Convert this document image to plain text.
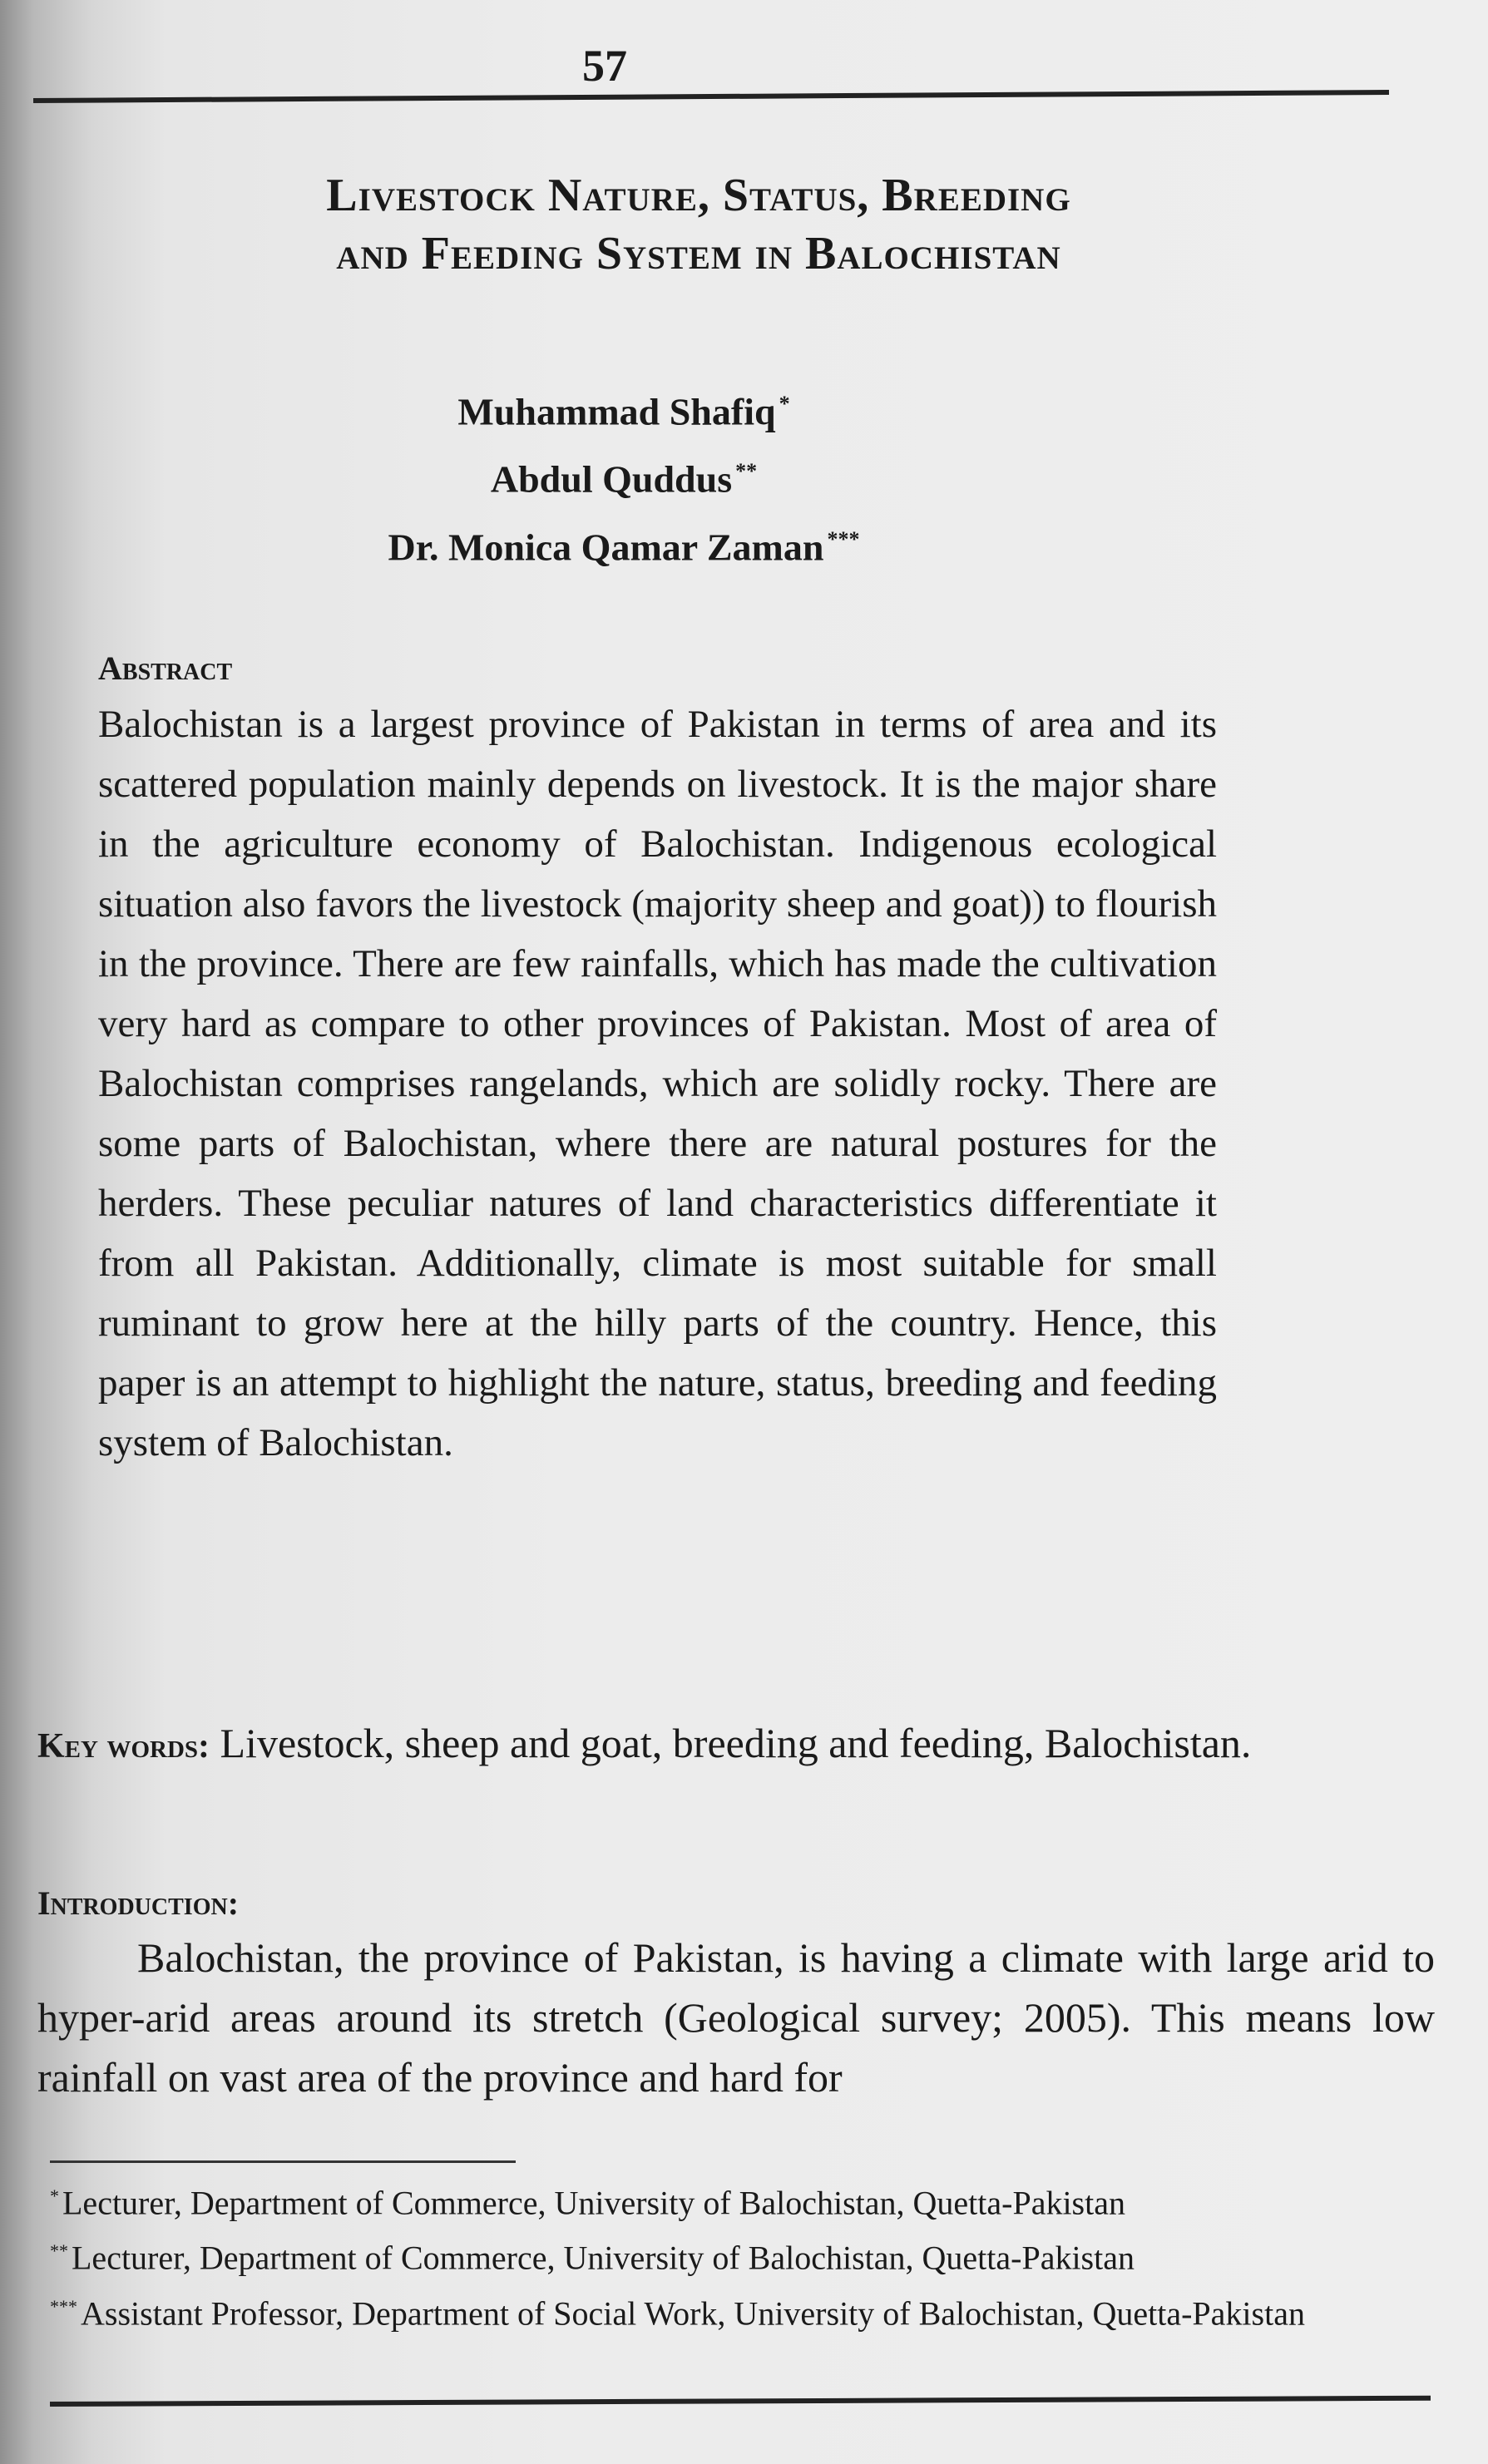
57
Livestock Nature, Status, Breeding
and Feeding System in Balochistan
Muhammad Shafiq *
Abdul Quddus **
Dr. Monica Qamar Zaman ***
Abstract
Balochistan is a largest province of Pakistan in terms of area and its scattered population mainly depends on livestock. It is the major share in the agriculture economy of Balochistan. Indigenous ecological situation also favors the livestock (majority sheep and goat)) to flourish in the province. There are few rainfalls, which has made the cultivation very hard as compare to other provinces of Pakistan. Most of area of Balochistan comprises rangelands, which are solidly rocky. There are some parts of Balochistan, where there are natural postures for the herders. These peculiar natures of land characteristics differentiate it from all Pakistan. Additionally, climate is most suitable for small ruminant to grow here at the hilly parts of the country. Hence, this paper is an attempt to highlight the nature, status, breeding and feeding system of Balochistan.
Key words: Livestock, sheep and goat, breeding and feeding, Balochistan.
Introduction:
Balochistan, the province of Pakistan, is having a climate with large arid to hyper-arid areas around its stretch (Geological survey; 2005). This means low rainfall on vast area of the province and hard for
* Lecturer, Department of Commerce, University of Balochistan, Quetta-Pakistan
** Lecturer, Department of Commerce, University of Balochistan, Quetta-Pakistan
*** Assistant Professor, Department of Social Work, University of Balochistan, Quetta-Pakistan
